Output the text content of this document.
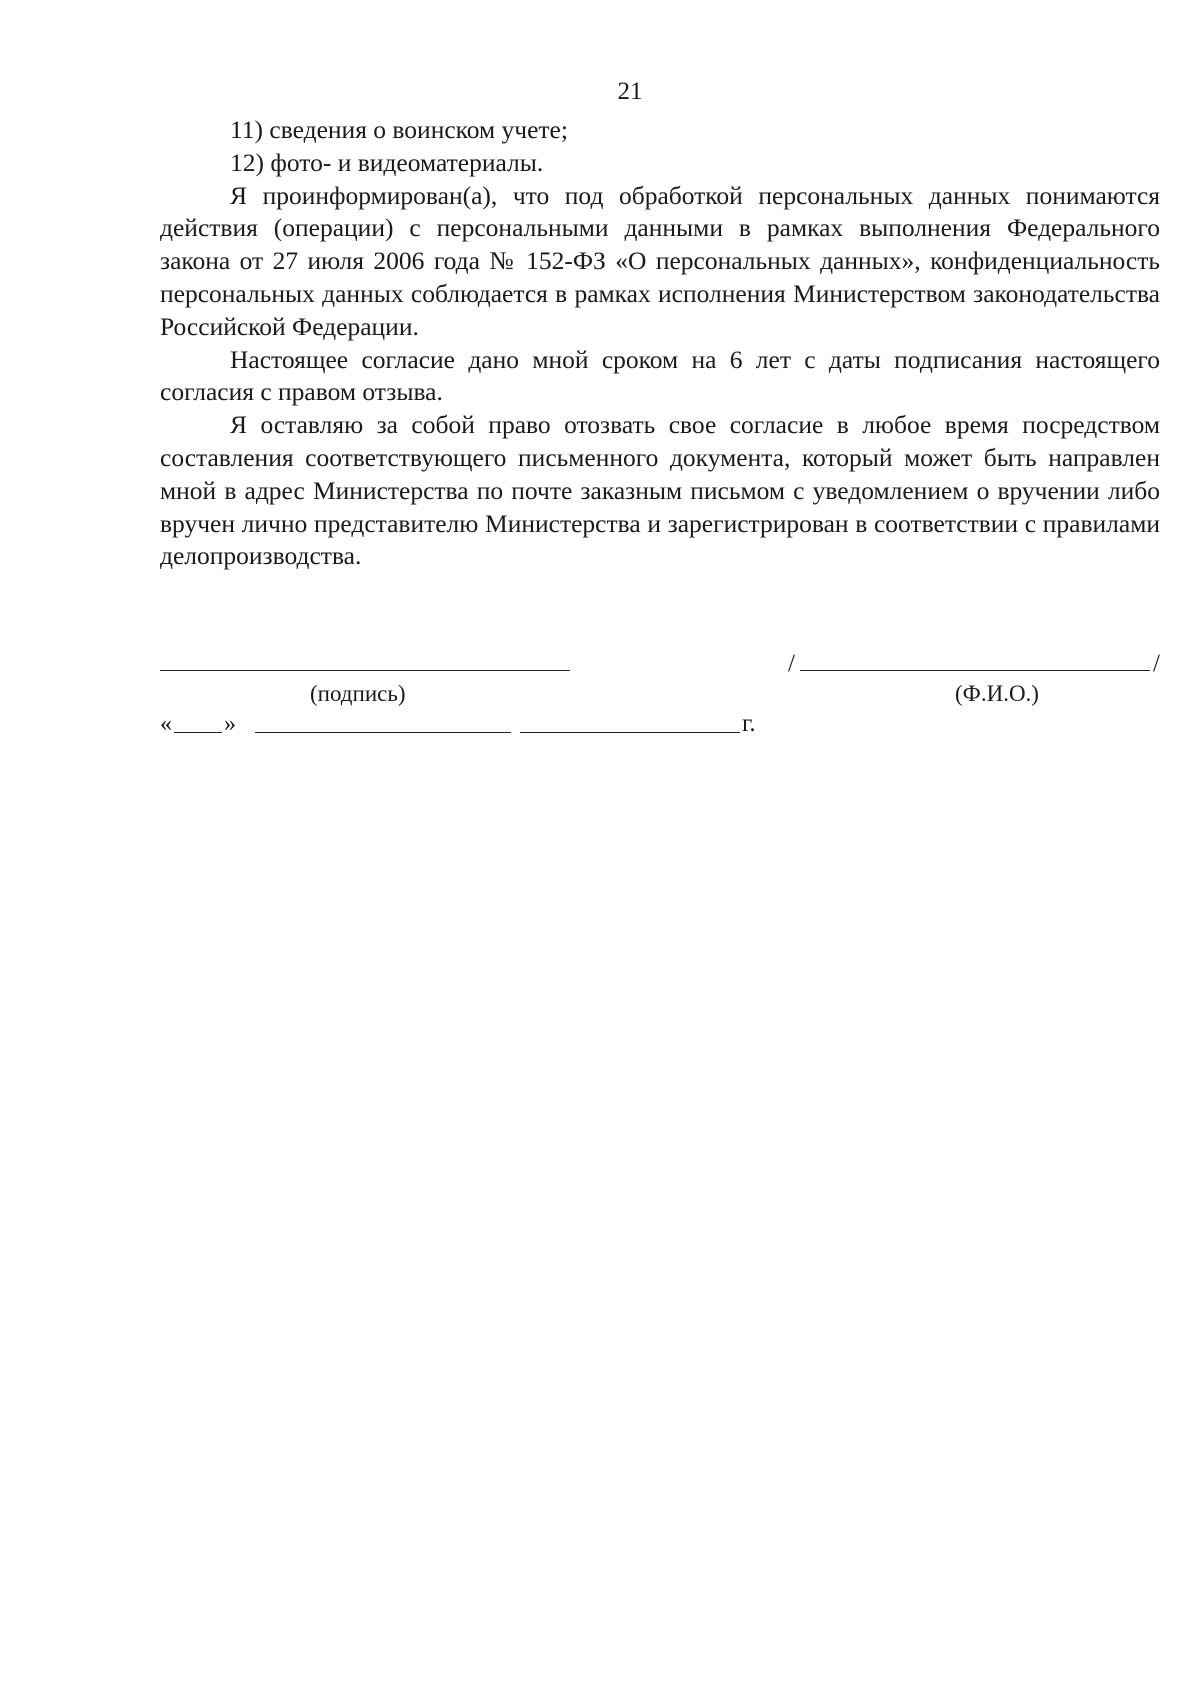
21
11) сведения о воинском учете;
12) фото- и видеоматериалы.
Я проинформирован(а), что под обработкой персональных данных понимаются действия (операции) с персональными данными в рамках выполнения Федерального закона от 27 июля 2006 года № 152-ФЗ «О персональных данных», конфиденциальность персональных данных соблюдается в рамках исполнения Министерством законодательства Российской Федерации.
Настоящее согласие дано мной сроком на 6 лет с даты подписания настоящего согласия с правом отзыва.
Я оставляю за собой право отозвать свое согласие в любое время посредством составления соответствующего письменного документа, который может быть направлен мной в адрес Министерства по почте заказным письмом с уведомлением о вручении либо вручен лично представителю Министерства и зарегистрирован в соответствии с правилами делопроизводства.
/	/
(подпись)	(Ф.И.О.)
« »	г.
